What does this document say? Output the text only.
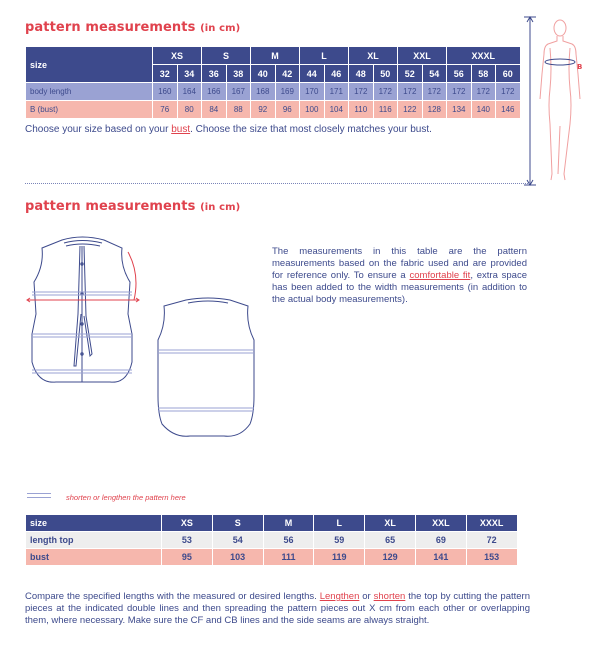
pattern measurements (in cm)
size	XS		S		M		L		XL		XXL		XXXL		
	32	34	36	38	40	42	44	46	48	50	52	54	56	58	60
body length	160	164	166	167	168	169	170	171	172	172	172	172	172	172	172
B (bust)	76	80	84	88	92	96	100	104	110	116	122	128	134	140	146
Choose your size based on your bust. Choose the size that most closely matches your bust.
B
pattern measurements (in cm)
The measurements in this table are the pattern measurements based on the fabric used and are provided for reference only. To ensure a comfortable fit, extra space has been added to the width measurements (in addition to the actual body measurements).
shorten or lengthen the pattern here
size	XS	S	M	L	XL	XXL	XXXL
length top	53	54	56	59	65	69	72
bust	95	103	111	119	129	141	153
Compare the specified lengths with the measured or desired lengths. Lengthen or shorten the top by cutting the pattern pieces at the indicated double lines and then spreading the pattern pieces out X cm from each other or overlapping them, where necessary. Make sure the CF and CB lines and the side seams are always straight.
